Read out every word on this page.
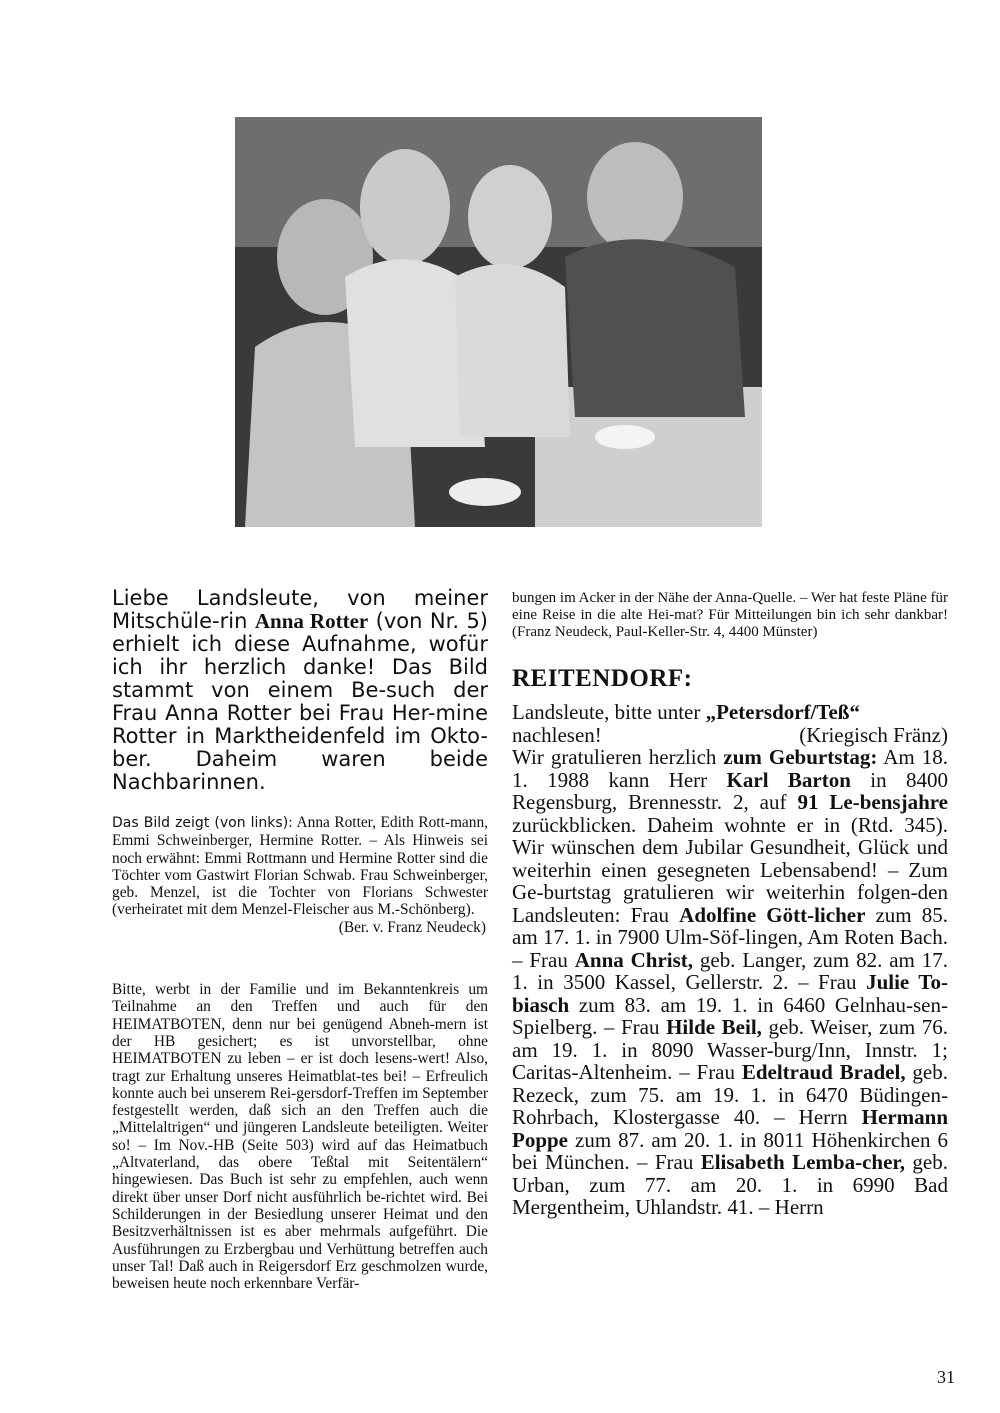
Liebe Landsleute, von meiner Mitschüle-rin Anna Rotter (von Nr. 5) erhielt ich diese Aufnahme, wofür ich ihr herzlich danke! Das Bild stammt von einem Be-such der Frau Anna Rotter bei Frau Her-mine Rotter in Marktheidenfeld im Okto-ber. Daheim waren beide Nachbarinnen.

Das Bild zeigt (von links): Anna Rotter, Edith Rott-mann, Emmi Schweinberger, Hermine Rotter. – Als Hinweis sei noch erwähnt: Emmi Rottmann und Hermine Rotter sind die Töchter vom Gastwirt Florian Schwab. Frau Schweinberger, geb. Menzel, ist die Tochter von Florians Schwester (verheiratet mit dem Menzel-Fleischer aus M.-Schönberg).

(Ber. v. Franz Neudeck)

Bitte, werbt in der Familie und im Bekanntenkreis um Teilnahme an den Treffen und auch für den HEIMATBOTEN, denn nur bei genügend Abneh-mern ist der HB gesichert; es ist unvorstellbar, ohne HEIMATBOTEN zu leben – er ist doch lesens-wert! Also, tragt zur Erhaltung unseres Heimatblat-tes bei! – Erfreulich konnte auch bei unserem Rei-gersdorf-Treffen im September festgestellt werden, daß sich an den Treffen auch die „Mittelaltrigen“ und jüngeren Landsleute beteiligten. Weiter so! – Im Nov.-HB (Seite 503) wird auf das Heimatbuch „Altvaterland, das obere Teßtal mit Seitentälern“ hingewiesen. Das Buch ist sehr zu empfehlen, auch wenn direkt über unser Dorf nicht ausführlich be-richtet wird. Bei Schilderungen in der Besiedlung unserer Heimat und den Besitzverhältnissen ist es aber mehrmals aufgeführt. Die Ausführungen zu Erzbergbau und Verhüttung betreffen auch unser Tal! Daß auch in Reigersdorf Erz geschmolzen wurde, beweisen heute noch erkennbare Verfär-

bungen im Acker in der Nähe der Anna-Quelle. – Wer hat feste Pläne für eine Reise in die alte Hei-mat? Für Mitteilungen bin ich sehr dankbar! (Franz Neudeck, Paul-Keller-Str. 4, 4400 Münster)

REITENDORF:

Landsleute, bitte unter „Petersdorf/Teß“

nachlesen!	(Kriegisch Fränz)

Wir gratulieren herzlich zum Geburtstag: Am 18. 1. 1988 kann Herr Karl Barton in 8400 Regensburg, Brennesstr. 2, auf 91 Le-bensjahre zurückblicken. Daheim wohnte er in (Rtd. 345). Wir wünschen dem Jubilar Gesundheit, Glück und weiterhin einen gesegneten Lebensabend! – Zum Ge-burtstag gratulieren wir weiterhin folgen-den Landsleuten: Frau Adolfine Gött-licher zum 85. am 17. 1. in 7900 Ulm-Söf-lingen, Am Roten Bach. – Frau Anna Christ, geb. Langer, zum 82. am 17. 1. in 3500 Kassel, Gellerstr. 2. – Frau Julie To-biasch zum 83. am 19. 1. in 6460 Gelnhau-sen-Spielberg. – Frau Hilde Beil, geb. Weiser, zum 76. am 19. 1. in 8090 Wasser-burg/Inn, Innstr. 1; Caritas-Altenheim. – Frau Edeltraud Bradel, geb. Rezeck, zum 75. am 19. 1. in 6470 Büdingen-Rohrbach, Klostergasse 40. – Herrn Hermann Poppe zum 87. am 20. 1. in 8011 Höhenkirchen 6 bei München. – Frau Elisabeth Lemba-cher, geb. Urban, zum 77. am 20. 1. in 6990 Bad Mergentheim, Uhlandstr. 41. – Herrn

31
